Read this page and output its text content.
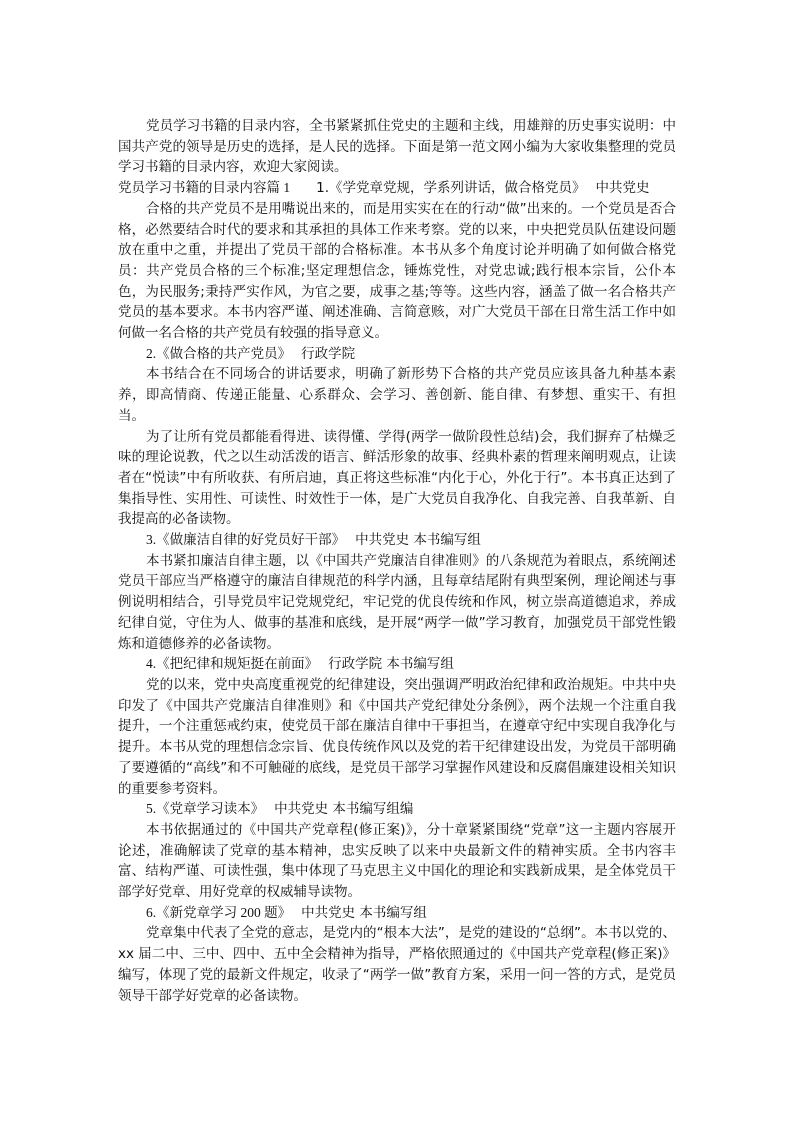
党员学习书籍的目录内容，全书紧紧抓住党史的主题和主线，用雄辩的历史事实说明：中国共产党的领导是历史的选择，是人民的选择。下面是第一范文网小编为大家收集整理的党员学习书籍的目录内容，欢迎大家阅读。

党员学习书籍的目录内容篇 1 1.《学党章党规，学系列讲话，做合格党员》 中共党史

合格的共产党员不是用嘴说出来的，而是用实实在在的行动“做”出来的。一个党员是否合格，必然要结合时代的要求和其承担的具体工作来考察。党的以来，中央把党员队伍建设问题放在重中之重，并提出了党员干部的合格标准。本书从多个角度讨论并明确了如何做合格党员：共产党员合格的三个标准;坚定理想信念，锤炼党性，对党忠诚;践行根本宗旨，公仆本色，为民服务;秉持严实作风，为官之要，成事之基;等等。这些内容，涵盖了做一名合格共产党员的基本要求。本书内容严谨、阐述准确、言简意赅，对广大党员干部在日常生活工作中如何做一名合格的共产党员有较强的指导意义。

2.《做合格的共产党员》 行政学院

本书结合在不同场合的讲话要求，明确了新形势下合格的共产党员应该具备九种基本素养，即高情商、传递正能量、心系群众、会学习、善创新、能自律、有梦想、重实干、有担当。

为了让所有党员都能看得进、读得懂、学得(两学一做阶段性总结)会，我们摒弃了枯燥乏味的理论说教，代之以生动活泼的语言、鲜活形象的故事、经典朴素的哲理来阐明观点，让读者在“悦读”中有所收获、有所启迪，真正将这些标准“内化于心，外化于行”。本书真正达到了集指导性、实用性、可读性、时效性于一体，是广大党员自我净化、自我完善、自我革新、自我提高的必备读物。

3.《做廉洁自律的好党员好干部》 中共党史 本书编写组

本书紧扣廉洁自律主题，以《中国共产党廉洁自律准则》的八条规范为着眼点，系统阐述党员干部应当严格遵守的廉洁自律规范的科学内涵，且每章结尾附有典型案例，理论阐述与事例说明相结合，引导党员牢记党规党纪，牢记党的优良传统和作风，树立崇高道德追求，养成纪律自觉，守住为人、做事的基准和底线，是开展“两学一做”学习教育，加强党员干部党性锻炼和道德修养的必备读物。

4.《把纪律和规矩挺在前面》 行政学院 本书编写组

党的以来，党中央高度重视党的纪律建设，突出强调严明政治纪律和政治规矩。中共中央印发了《中国共产党廉洁自律准则》和《中国共产党纪律处分条例》，两个法规一个注重自我提升，一个注重惩戒约束，使党员干部在廉洁自律中干事担当，在遵章守纪中实现自我净化与提升。本书从党的理想信念宗旨、优良传统作风以及党的若干纪律建设出发，为党员干部明确了要遵循的“高线”和不可触碰的底线，是党员干部学习掌握作风建设和反腐倡廉建设相关知识的重要参考资料。

5.《党章学习读本》 中共党史 本书编写组编

本书依据通过的《中国共产党章程(修正案)》，分十章紧紧围绕“党章”这一主题内容展开论述，准确解读了党章的基本精神，忠实反映了以来中央最新文件的精神实质。全书内容丰富、结构严谨、可读性强，集中体现了马克思主义中国化的理论和实践新成果，是全体党员干部学好党章、用好党章的权威辅导读物。

6.《新党章学习 200 题》 中共党史 本书编写组

党章集中代表了全党的意志，是党内的“根本大法”，是党的建设的“总纲”。本书以党的、xx 届二中、三中、四中、五中全会精神为指导，严格依照通过的《中国共产党章程(修正案)》编写，体现了党的最新文件规定，收录了“两学一做”教育方案，采用一问一答的方式，是党员领导干部学好党章的必备读物。
